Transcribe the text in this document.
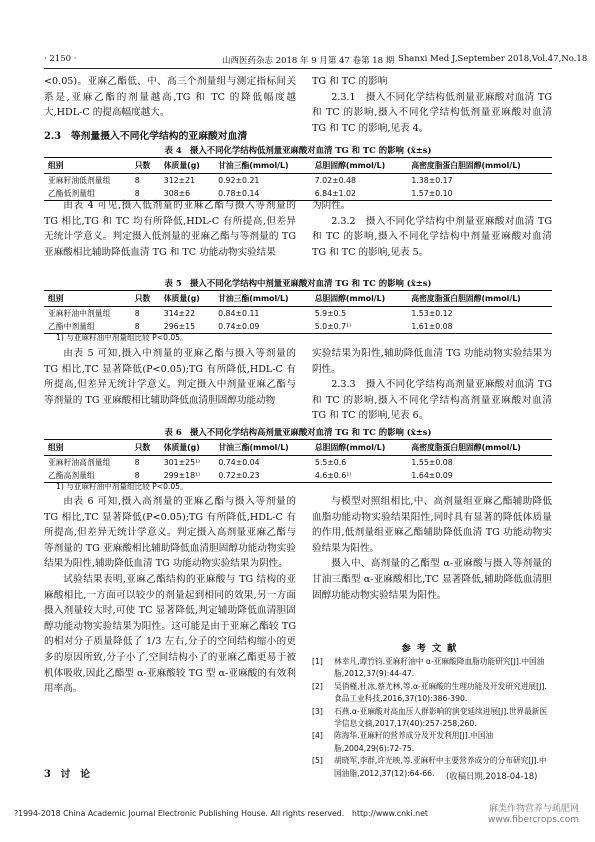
· 2150 ·	山西医药杂志 2018 年 9 月第 47 卷第 18 期 Shanxi Med J,September 2018,Vol.47,No.18

<0.05)。亚麻乙酯低、中、高三个剂量组与测定指标间关系是,亚麻乙酯的剂量越高,TG 和 TC 的降低幅度越大,HDL-C 的提高幅度越大。

2.3　等剂量摄入不同化学结构的亚麻酸对血清

TG 和 TC 的影响

2.3.1　摄入不同化学结构低剂量亚麻酸对血清 TG 和 TC 的影响,摄入不同化学结构低剂量亚麻酸对血清 TG 和 TC 的影响,见表 4。

表 4　摄入不同化学结构低剂量亚麻酸对血清 TG 和 TC 的影响 (x̄±s)
组别	只数	体质量(g)	甘油三酯(mmol/L)	总胆固醇(mmol/L)	高密度脂蛋白胆固醇(mmol/L)
亚麻籽油低剂量组	8	312±21	0.92±0.21	7.02±0.48	1.38±0.17
乙酯低剂量组	8	308±6	0.78±0.14	6.84±1.02	1.57±0.10

由表 4 可见,摄入低剂量的亚麻乙酯与摄入等剂量的 TG 相比,TG 和 TC 均有所降低,HDL-C 有所提高,但差异无统计学意义。判定摄入低剂量的亚麻乙酯与等剂量的 TG 亚麻酸相比辅助降低血清 TG 和 TC 功能动物实验结果

为阴性。

2.3.2　摄入不同化学结构中剂量亚麻酸对血清 TG 和 TC 的影响,摄入不同化学结构中剂量亚麻酸对血清 TG 和 TC 的影响,见表 5。

表 5　摄入不同化学结构中剂量亚麻酸对血清 TG 和 TC 的影响 (x̄±s)
组别	只数	体质量(g)	甘油三酯(mmol/L)	总胆固醇(mmol/L)	高密度脂蛋白胆固醇(mmol/L)
亚麻籽油中剂量组	8	314±22	0.84±0.11	5.9±0.5	1.53±0.12
乙酯中剂量组	8	296±15	0.74±0.09	5.0±0.7¹⁾	1.61±0.08
1) 与亚麻籽油中剂量组比较 P<0.05。

由表 5 可知,摄入中剂量的亚麻乙酯与摄入等剂量的 TG 相比,TC 显著降低(P<0.05);TG 有所降低,HDL-C 有所提高,但差异无统计学意义。判定摄入中剂量亚麻乙酯与等剂量的 TG 亚麻酸相比辅助降低血清胆固醇功能动物

实验结果为阳性,辅助降低血清 TG 功能动物实验结果为阴性。

2.3.3　摄入不同化学结构高剂量亚麻酸对血清 TG 和 TC 的影响,摄入不同化学结构高剂量亚麻酸对血清 TG 和 TC 的影响,见表 6。

表 6　摄入不同化学结构高剂量亚麻酸对血清 TG 和 TC 的影响 (x̄±s)
组别	只数	体质量(g)	甘油三酯(mmol/L)	总胆固醇(mmol/L)	高密度脂蛋白胆固醇(mmol/L)
亚麻籽油高剂量组	8	301±25¹⁾	0.74±0.04	5.5±0.6	1.55±0.08
乙酯高剂量组	8	299±18¹⁾	0.72±0.23	4.6±0.6¹⁾	1.64±0.09
1) 与亚麻籽油中剂量组比较 P<0.05。

由表 6 可知,摄入高剂量的亚麻乙酯与摄入等剂量的 TG 相比,TC 显著降低(P<0.05);TG 有所降低,HDL-C 有所提高,但差异无统计学意义。判定摄入高剂量亚麻乙酯与等剂量的 TG 亚麻酸相比辅助降低血清胆固醇功能动物实验结果为阳性,辅助降低血清 TG 功能动物实验结果为阴性。

试验结果表明,亚麻乙酯结构的亚麻酸与 TG 结构的亚麻酸相比,一方面可以较少的剂量起到相同的效果,另一方面摄入剂量较大时,可使 TC 显著降低,判定辅助降低血清胆固醇功能动物实验结果为阳性。这可能是由于亚麻乙酯较 TG 的相对分子质量降低了 1/3 左右,分子的空间结构缩小的更多的原因所致,分子小了,空间结构小了的亚麻乙酯更易于被机体吸收,因此乙酯型 α-亚麻酸较 TG 型 α-亚麻酸的有效利用率高。

3　讨　论

与模型对照组相比,中、高剂量组亚麻乙酯辅助降低血脂功能动物实验结果阳性,同时具有显著的降低体质量的作用,低剂量组亚麻乙酯辅助降低血清 TG 功能动物实验结果为阳性。

摄入中、高剂量的乙酯型 α-亚麻酸与摄入等剂量的甘油三酯型 α-亚麻酸相比,TC 显著降低,辅助降低血清胆固醇功能动物实验结果为阳性。

参考文献
[1]	林幸凡,谭竹钧.亚麻籽油中 α-亚麻酸降血脂功能研究[J].中国油脂,2012,37(9):44-47.
[2]	吴俏槿,杜冰,蔡尤林,等.α-亚麻酸的生理功能及开发研究进展[J].食品工业科技,2016,37(10):386-390.
[3]	石燕.α-亚麻酸对高血压人群影响的演变延续进展[J].世界最新医学信息文摘,2017,17(40):257-258,260.
[4]	陈海华.亚麻籽的营养成分及开发利用[J].中国油脂,2004,29(6):72-75.
[5]	胡晓军,李群,许光映,等.亚麻籽中主要营养成分的分布研究[J].中国油脂,2012,37(12):64-66.	(收稿日期,2018-04-18)
?1994-2018 China Academic Journal Electronic Publishing House. All rights reserved.　http://www.cnki.net	麻类作物营养与疏肥网
www.fibercrops.com
